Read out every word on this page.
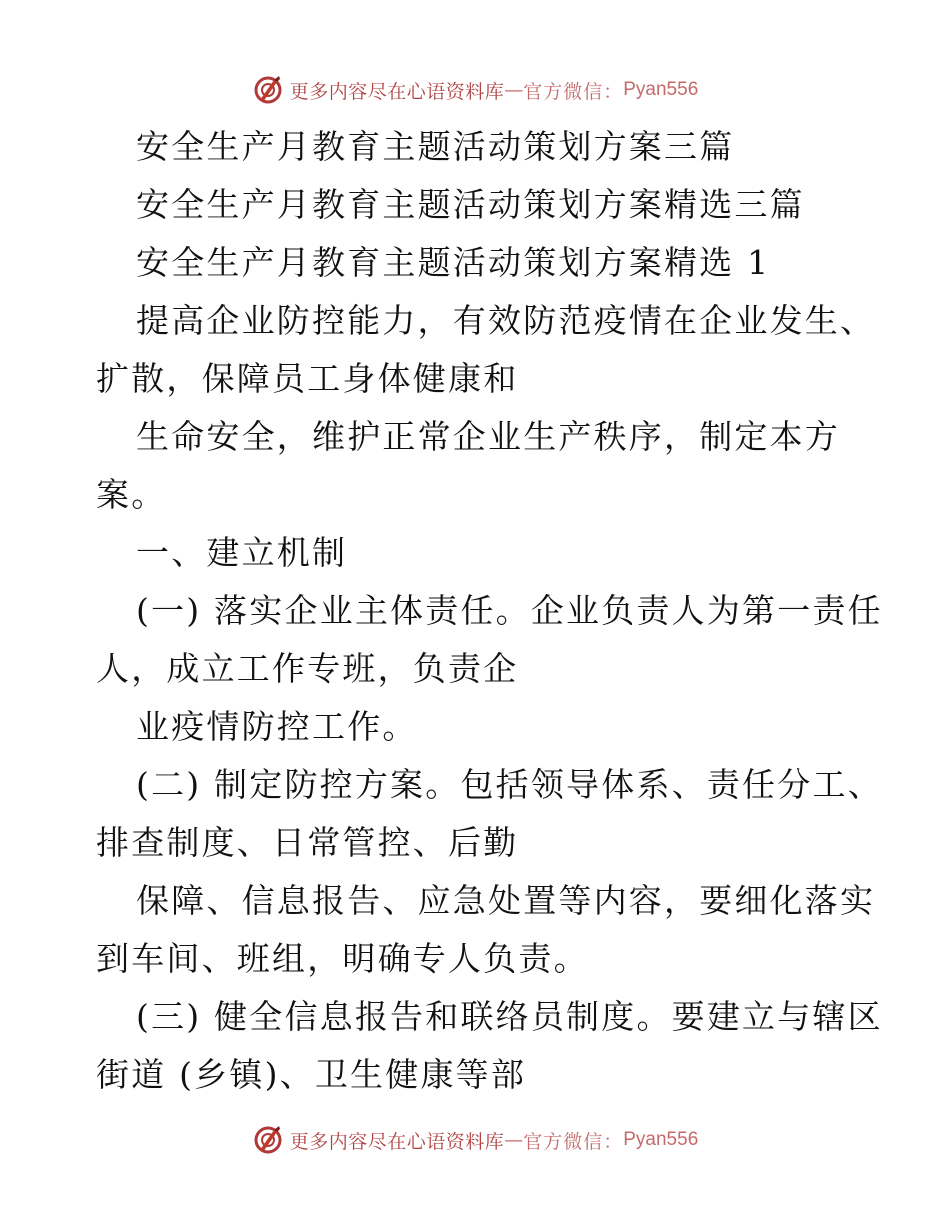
更多内容尽在心语资料库 — 官方微信： Pyan556
安全生产月教育主题活动策划方案三篇
安全生产月教育主题活动策划方案精选三篇
安全生产月教育主题活动策划方案精选 1
提高企业防控能力，有效防范疫情在企业发生、
扩散，保障员工身体健康和
生命安全，维护正常企业生产秩序，制定本方
案。
一、建立机制
(一) 落实企业主体责任。企业负责人为第一责任
人，成立工作专班，负责企
业疫情防控工作。
(二) 制定防控方案。包括领导体系、责任分工、
排查制度、日常管控、后勤
保障、信息报告、应急处置等内容，要细化落实
到车间、班组，明确专人负责。
(三) 健全信息报告和联络员制度。要建立与辖区
街道 (乡镇)、卫生健康等部
更多内容尽在心语资料库 — 官方微信： Pyan556
